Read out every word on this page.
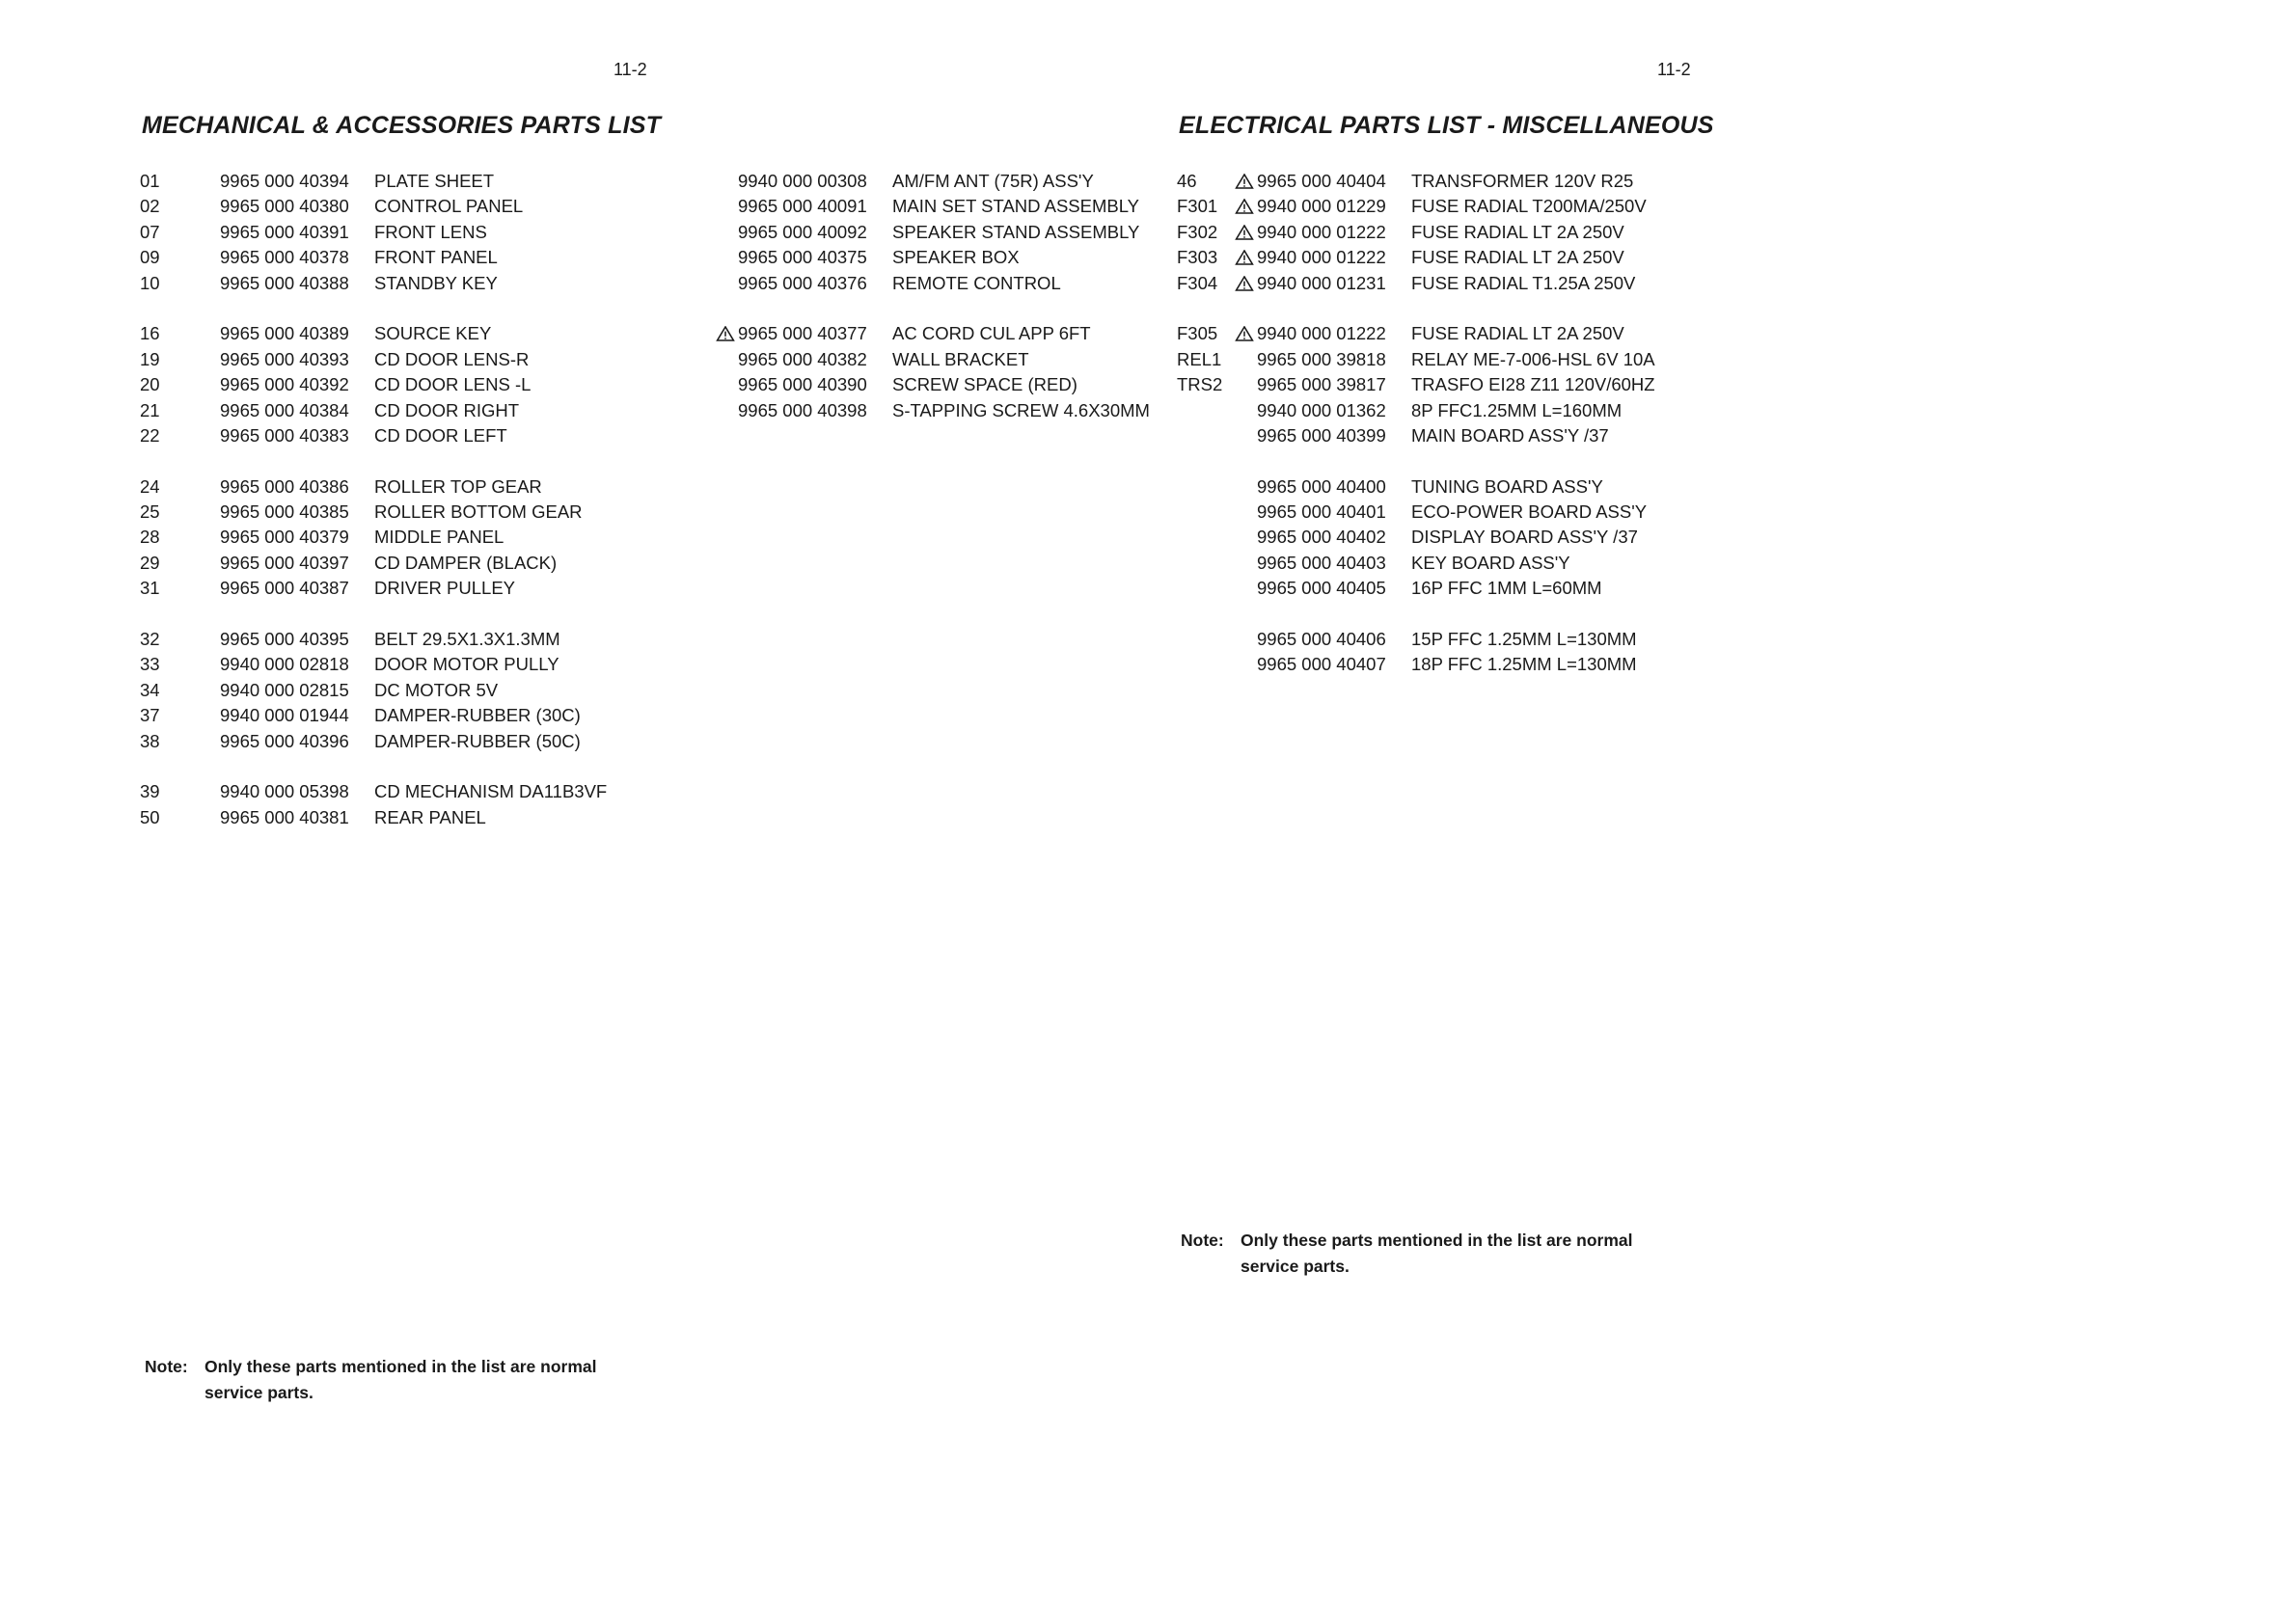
11-2	11-2
MECHANICAL & ACCESSORIES PARTS LIST	ELECTRICAL PARTS LIST - MISCELLANEOUS
01	9965 000 40394 PLATE SHEET
02	9965 000 40380 CONTROL PANEL
07	9965 000 40391 FRONT LENS
09	9965 000 40378 FRONT PANEL
10	9965 000 40388 STANDBY KEY
16	9965 000 40389 SOURCE KEY
19	9965 000 40393 CD DOOR LENS-R
20	9965 000 40392 CD DOOR LENS -L
21	9965 000 40384 CD DOOR RIGHT
22	9965 000 40383 CD DOOR LEFT
24	9965 000 40386 ROLLER TOP GEAR
25	9965 000 40385 ROLLER BOTTOM GEAR
28	9965 000 40379 MIDDLE PANEL
29	9965 000 40397 CD DAMPER (BLACK)
31	9965 000 40387 DRIVER PULLEY
32	9965 000 40395 BELT 29.5X1.3X1.3MM
33	9940 000 02818 DOOR MOTOR PULLY
34	9940 000 02815 DC MOTOR 5V
37	9940 000 01944 DAMPER-RUBBER (30C)
38	9965 000 40396 DAMPER-RUBBER (50C)
39	9940 000 05398 CD MECHANISM DA11B3VF
50	9965 000 40381 REAR PANEL
9940 000 00308 AM/FM ANT (75R) ASS'Y
9965 000 40091 MAIN SET STAND ASSEMBLY
9965 000 40092 SPEAKER STAND ASSEMBLY
9965 000 40375 SPEAKER BOX
9965 000 40376 REMOTE CONTROL
9965 000 40377 AC CORD CUL APP 6FT
9965 000 40382 WALL BRACKET
9965 000 40390 SCREW SPACE (RED)
9965 000 40398 S-TAPPING SCREW 4.6X30MM
46	9965 000 40404 TRANSFORMER 120V R25
F301 9940 000 01229 FUSE RADIAL T200MA/250V
F302 9940 000 01222 FUSE RADIAL LT 2A 250V
F303 9940 000 01222 FUSE RADIAL LT 2A 250V
F304 9940 000 01231 FUSE RADIAL T1.25A 250V
F305 9940 000 01222 FUSE RADIAL LT 2A 250V
REL1 9965 000 39818 RELAY ME-7-006-HSL 6V 10A
TRS2 9965 000 39817 TRASFO EI28 Z11 120V/60HZ
9940 000 01362 8P FFC1.25MM L=160MM
9965 000 40399 MAIN BOARD ASS'Y /37
9965 000 40400 TUNING BOARD ASS'Y
9965 000 40401 ECO-POWER BOARD ASS'Y
9965 000 40402 DISPLAY BOARD ASS'Y /37
9965 000 40403 KEY BOARD ASS'Y
9965 000 40405 16P FFC 1MM L=60MM
9965 000 40406 15P FFC 1.25MM L=130MM
9965 000 40407 18P FFC 1.25MM L=130MM
Note: Only these parts mentioned in the list are normal
service parts.
Note: Only these parts mentioned in the list are normal
service parts.
